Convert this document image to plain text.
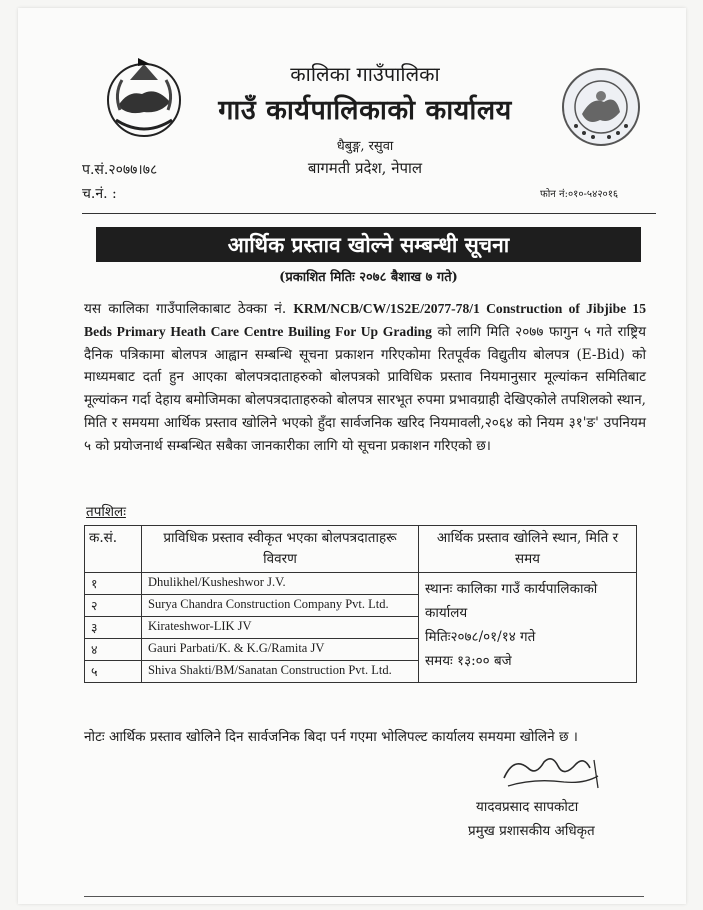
कालिका गाउँपालिका
गाउँ कार्यपालिकाको कार्यालय
धैबुङ्ग, रसुवा
बागमती प्रदेश, नेपाल
प.सं.२०७७।७८
च.नं. :	फोन नं:०१०-५४२०१६
आर्थिक प्रस्ताव खोल्ने सम्बन्धी सूचना
(प्रकाशित मितिः २०७८ बैशाख ७ गते)
यस कालिका गाउँपालिकाबाट ठेक्का नं. KRM/NCB/CW/1S2E/2077-78/1 Construction of Jibjibe 15 Beds Primary Heath Care Centre Builing For Up Grading को लागि मिति २०७७ फागुन ५ गते राष्ट्रिय दैनिक पत्रिकामा बोलपत्र आह्वान सम्बन्धि सूचना प्रकाशन गरिएकोमा रितपूर्वक विद्युतीय बोलपत्र (E-Bid) को माध्यमबाट दर्ता हुन आएका बोलपत्रदाताहरुको बोलपत्रको प्राविधिक प्रस्ताव नियमानुसार मूल्यांकन समितिबाट मूल्यांकन गर्दा देहाय बमोजिमका बोलपत्रदाताहरुको बोलपत्र सारभूत रुपमा प्रभावग्राही देखिएकोले तपशिलको स्थान, मिति र समयमा आर्थिक प्रस्ताव खोलिने भएको हुँदा सार्वजनिक खरिद नियमावली,२०६४ को नियम ३१'ङ' उपनियम ५ को प्रयोजनार्थ सम्बन्धित सबैका जानकारीका लागि यो सूचना प्रकाशन गरिएको छ।
तपशिलः
क.सं.	प्राविधिक प्रस्ताव स्वीकृत भएका बोलपत्रदाताहरू विवरण	आर्थिक प्रस्ताव खोलिने स्थान, मिति र समय
१	Dhulikhel/Kusheshwor J.V.	स्थानः कालिका गाउँ कार्यपालिकाको कार्यालय
मितिः२०७८/०१/१४ गते
समयः १३:०० बजे

२	Surya Chandra Construction Company Pvt. Ltd.	
३	Kirateshwor-LIK JV	
४	Gauri Parbati/K. & K.G/Ramita JV	
५	Shiva Shakti/BM/Sanatan Construction Pvt. Ltd.	
नोटः आर्थिक प्रस्ताव खोलिने दिन सार्वजनिक बिदा पर्न गएमा भोलिपल्ट कार्यालय समयमा खोलिने छ ।
यादवप्रसाद सापकोटा
प्रमुख प्रशासकीय अधिकृत
